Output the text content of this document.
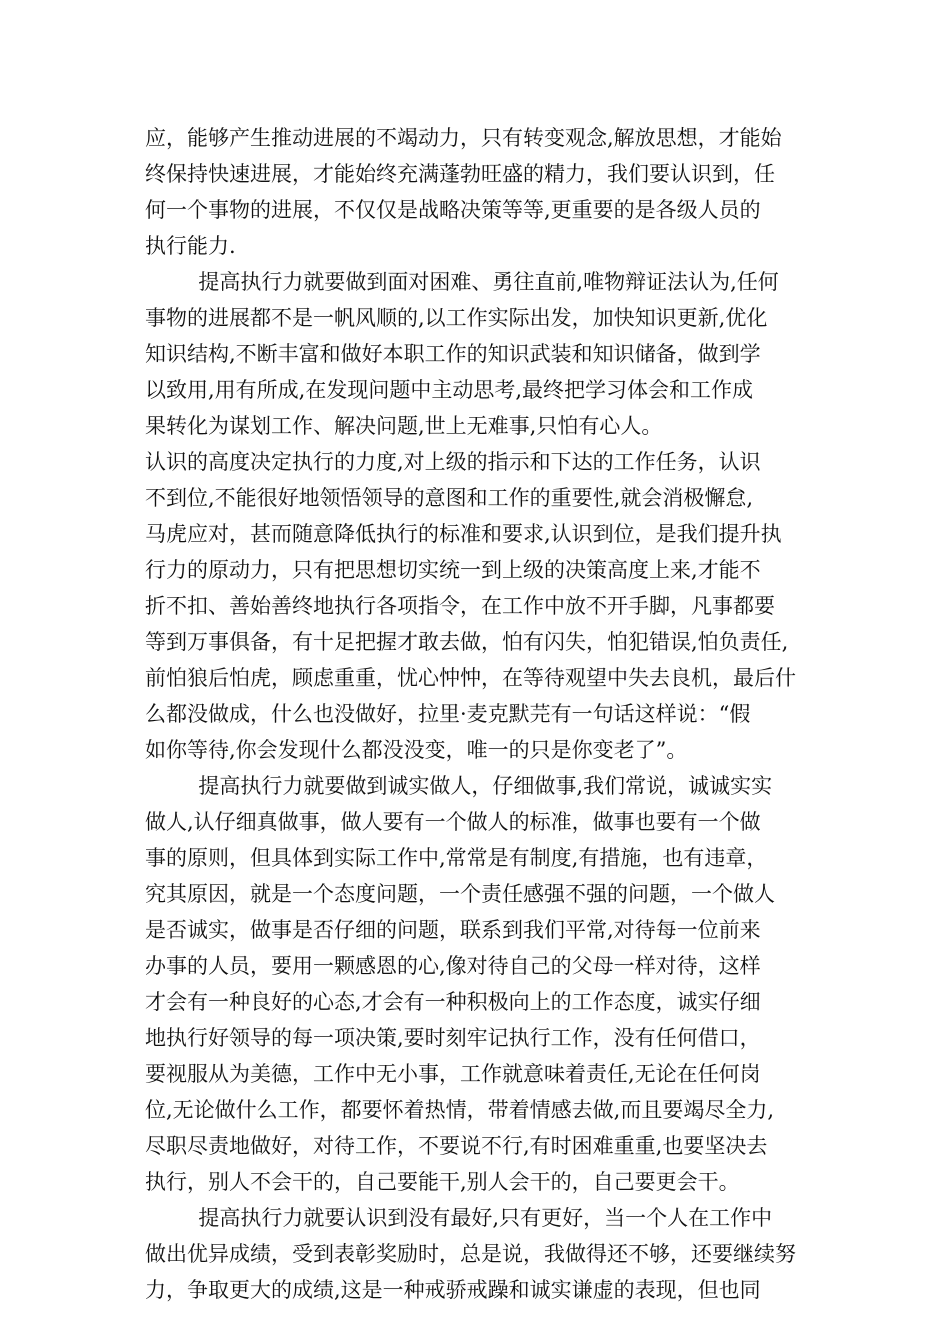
应，能够产生推动进展的不竭动力，只有转变观念,解放思想，才能始
终保持快速进展，才能始终充满蓬勃旺盛的精力，我们要认识到，任
何一个事物的进展，不仅仅是战略决策等等,更重要的是各级人员的
执行能力.
提高执行力就要做到面对困难、勇往直前,唯物辩证法认为,任何
事物的进展都不是一帆风顺的,以工作实际出发，加快知识更新,优化
知识结构,不断丰富和做好本职工作的知识武装和知识储备，做到学
以致用,用有所成,在发现问题中主动思考,最终把学习体会和工作成
果转化为谋划工作、解决问题,世上无难事,只怕有心人。
认识的高度决定执行的力度,对上级的指示和下达的工作任务，认识
不到位,不能很好地领悟领导的意图和工作的重要性,就会消极懈怠,
马虎应对，甚而随意降低执行的标准和要求,认识到位，是我们提升执
行力的原动力，只有把思想切实统一到上级的决策高度上来,才能不
折不扣、善始善终地执行各项指令，在工作中放不开手脚，凡事都要
等到万事俱备，有十足把握才敢去做，怕有闪失，怕犯错误,怕负责任,
前怕狼后怕虎，顾虑重重，忧心忡忡，在等待观望中失去良机，最后什
么都没做成，什么也没做好，拉里·麦克默芫有一句话这样说：“假
如你等待,你会发现什么都没没变，唯一的只是你变老了”。
提高执行力就要做到诚实做人，仔细做事,我们常说，诚诚实实
做人,认仔细真做事，做人要有一个做人的标准，做事也要有一个做
事的原则，但具体到实际工作中,常常是有制度,有措施，也有违章，
究其原因，就是一个态度问题，一个责任感强不强的问题，一个做人
是否诚实，做事是否仔细的问题，联系到我们平常,对待每一位前来
办事的人员，要用一颗感恩的心,像对待自己的父母一样对待，这样
才会有一种良好的心态,才会有一种积极向上的工作态度，诚实仔细
地执行好领导的每一项决策,要时刻牢记执行工作，没有任何借口，
要视服从为美德，工作中无小事，工作就意味着责任,无论在任何岗
位,无论做什么工作，都要怀着热情，带着情感去做,而且要竭尽全力,
尽职尽责地做好，对待工作，不要说不行,有时困难重重,也要坚决去
执行，别人不会干的，自己要能干,别人会干的，自己要更会干。
提高执行力就要认识到没有最好,只有更好，当一个人在工作中
做出优异成绩，受到表彰奖励时，总是说，我做得还不够，还要继续努
力，争取更大的成绩,这是一种戒骄戒躁和诚实谦虚的表现，但也同
